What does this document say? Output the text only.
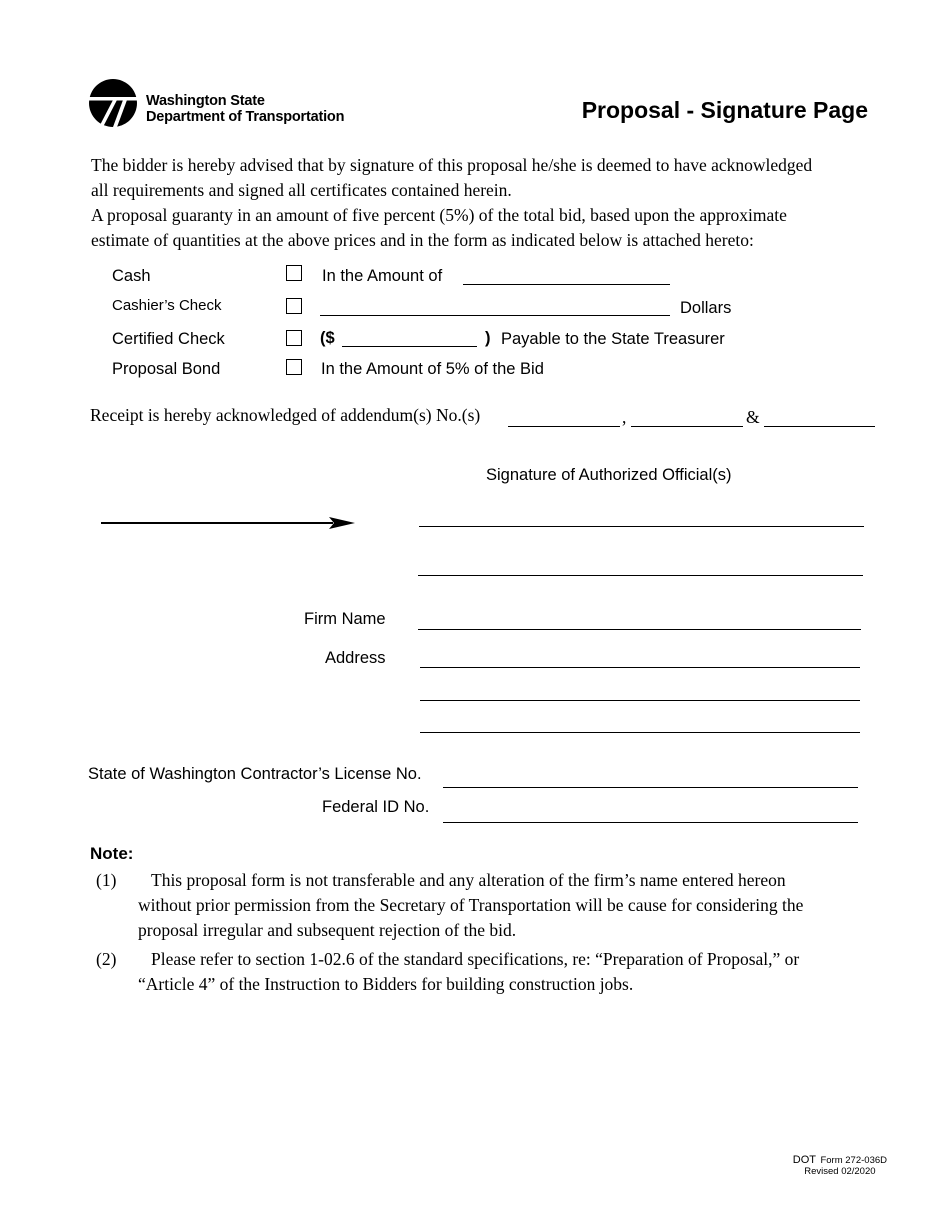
Washington State
Department of Transportation	Proposal - Signature Page
The bidder is hereby advised that by signature of this proposal he/she is deemed to have acknowledged
all requirements and signed all certificates contained herein.
A proposal guaranty in an amount of five percent (5%) of the total bid, based upon the approximate
estimate of quantities at the above prices and in the form as indicated below is attached hereto:
Cash	In the Amount of
Cashier’s Check	Dollars
Certified Check	($	) Payable to the State Treasurer
Proposal Bond	In the Amount of 5% of the Bid
Receipt is hereby acknowledged of addendum(s) No.(s)	,	&
Signature of Authorized Official(s)
Firm Name
Address
State of Washington Contractor’s License No.
Federal ID No.
Note:
(1)	This proposal form is not transferable and any alteration of the firm’s name entered hereon
without prior permission from the Secretary of Transportation will be cause for considering the
proposal irregular and subsequent rejection of the bid.
(2)	Please refer to section 1-02.6 of the standard specifications, re: “Preparation of Proposal,” or
“Article 4” of the Instruction to Bidders for building construction jobs.
DOT Form 272-036D
Revised 02/2020
